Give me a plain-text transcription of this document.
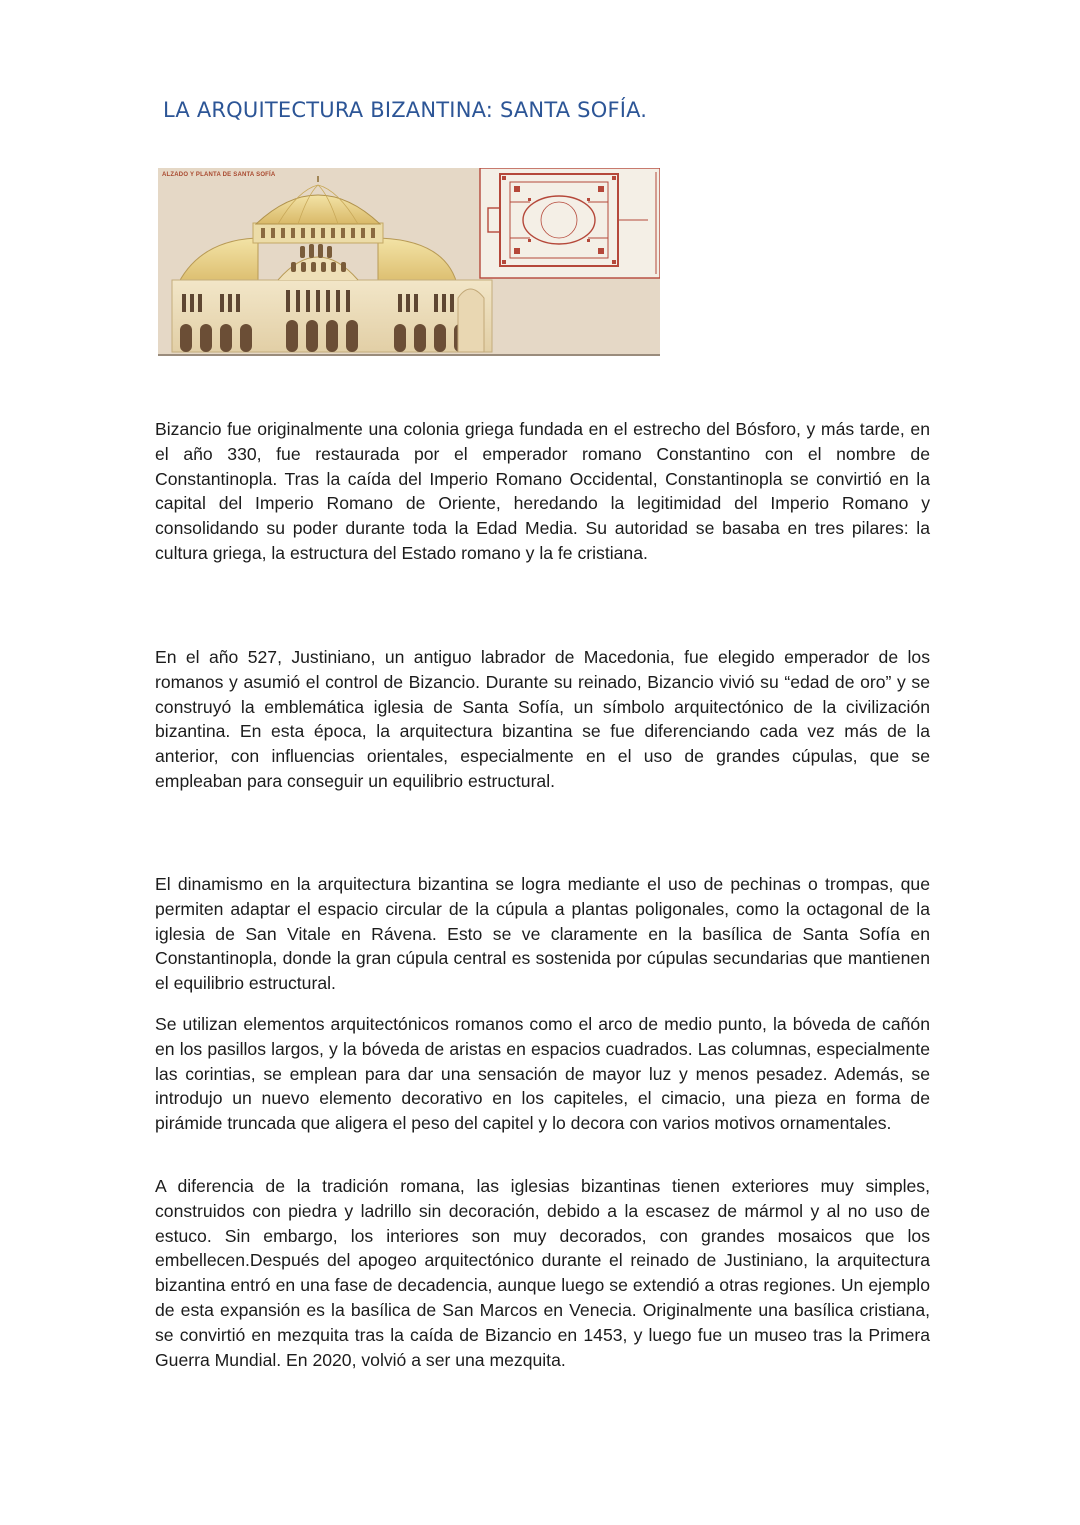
LA ARQUITECTURA BIZANTINA: SANTA SOFÍA.
ALZADO Y PLANTA DE SANTA SOFÍA

Bizancio fue originalmente una colonia griega fundada en el estrecho del Bósforo, y más tarde, en el año 330, fue restaurada por el emperador romano Constantino con el nombre de Constantinopla. Tras la caída del Imperio Romano Occidental, Constantinopla se convirtió en la capital del Imperio Romano de Oriente, heredando la legitimidad del Imperio Romano y consolidando su poder durante toda la Edad Media. Su autoridad se basaba en tres pilares: la cultura griega, la estructura del Estado romano y la fe cristiana.

En el año 527, Justiniano, un antiguo labrador de Macedonia, fue elegido emperador de los romanos y asumió el control de Bizancio. Durante su reinado, Bizancio vivió su “edad de oro” y se construyó la emblemática iglesia de Santa Sofía, un símbolo arquitectónico de la civilización bizantina. En esta época, la arquitectura bizantina se fue diferenciando cada vez más de la anterior, con influencias orientales, especialmente en el uso de grandes cúpulas, que se empleaban para conseguir un equilibrio estructural.

El dinamismo en la arquitectura bizantina se logra mediante el uso de pechinas o trompas, que permiten adaptar el espacio circular de la cúpula a plantas poligonales, como la octagonal de la iglesia de San Vitale en Rávena. Esto se ve claramente en la basílica de Santa Sofía en Constantinopla, donde la gran cúpula central es sostenida por cúpulas secundarias que mantienen el equilibrio estructural.

Se utilizan elementos arquitectónicos romanos como el arco de medio punto, la bóveda de cañón en los pasillos largos, y la bóveda de aristas en espacios cuadrados. Las columnas, especialmente las corintias, se emplean para dar una sensación de mayor luz y menos pesadez. Además, se introdujo un nuevo elemento decorativo en los capiteles, el cimacio, una pieza en forma de pirámide truncada que aligera el peso del capitel y lo decora con varios motivos ornamentales.

A diferencia de la tradición romana, las iglesias bizantinas tienen exteriores muy simples, construidos con piedra y ladrillo sin decoración, debido a la escasez de mármol y al no uso de estuco. Sin embargo, los interiores son muy decorados, con grandes mosaicos que los embellecen.Después del apogeo arquitectónico durante el reinado de Justiniano, la arquitectura bizantina entró en una fase de decadencia, aunque luego se extendió a otras regiones. Un ejemplo de esta expansión es la basílica de San Marcos en Venecia. Originalmente una basílica cristiana, se convirtió en mezquita tras la caída de Bizancio en 1453, y luego fue un museo tras la Primera Guerra Mundial. En 2020, volvió a ser una mezquita.
